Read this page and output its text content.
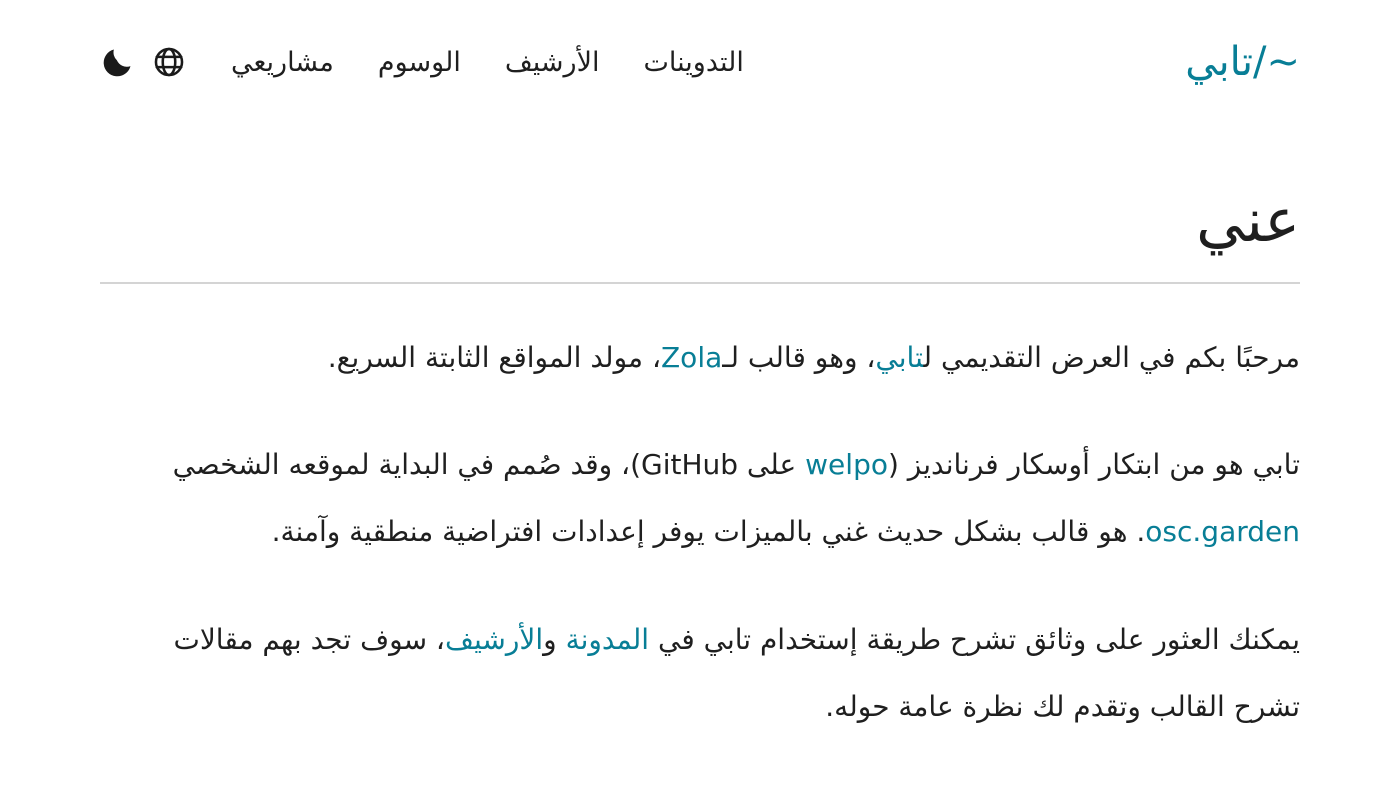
~/تابي
التدوينات
الأرشيف
الوسوم
مشاريعي
عني

مرحبًا بكم في العرض التقديمي لتابي، وهو قالب لـZola، مولد المواقع الثابتة السريع.

تابي هو من ابتكار أوسكار فرنانديز (welpo على GitHub)، وقد صُمم في البداية لموقعه الشخصي osc.garden. هو قالب بشكل حديث غني بالميزات يوفر إعدادات افتراضية منطقية وآمنة.

يمكنك العثور على وثائق تشرح طريقة إستخدام تابي في المدونة والأرشيف، سوف تجد بهم مقالات تشرح القالب وتقدم لك نظرة عامة حوله.
